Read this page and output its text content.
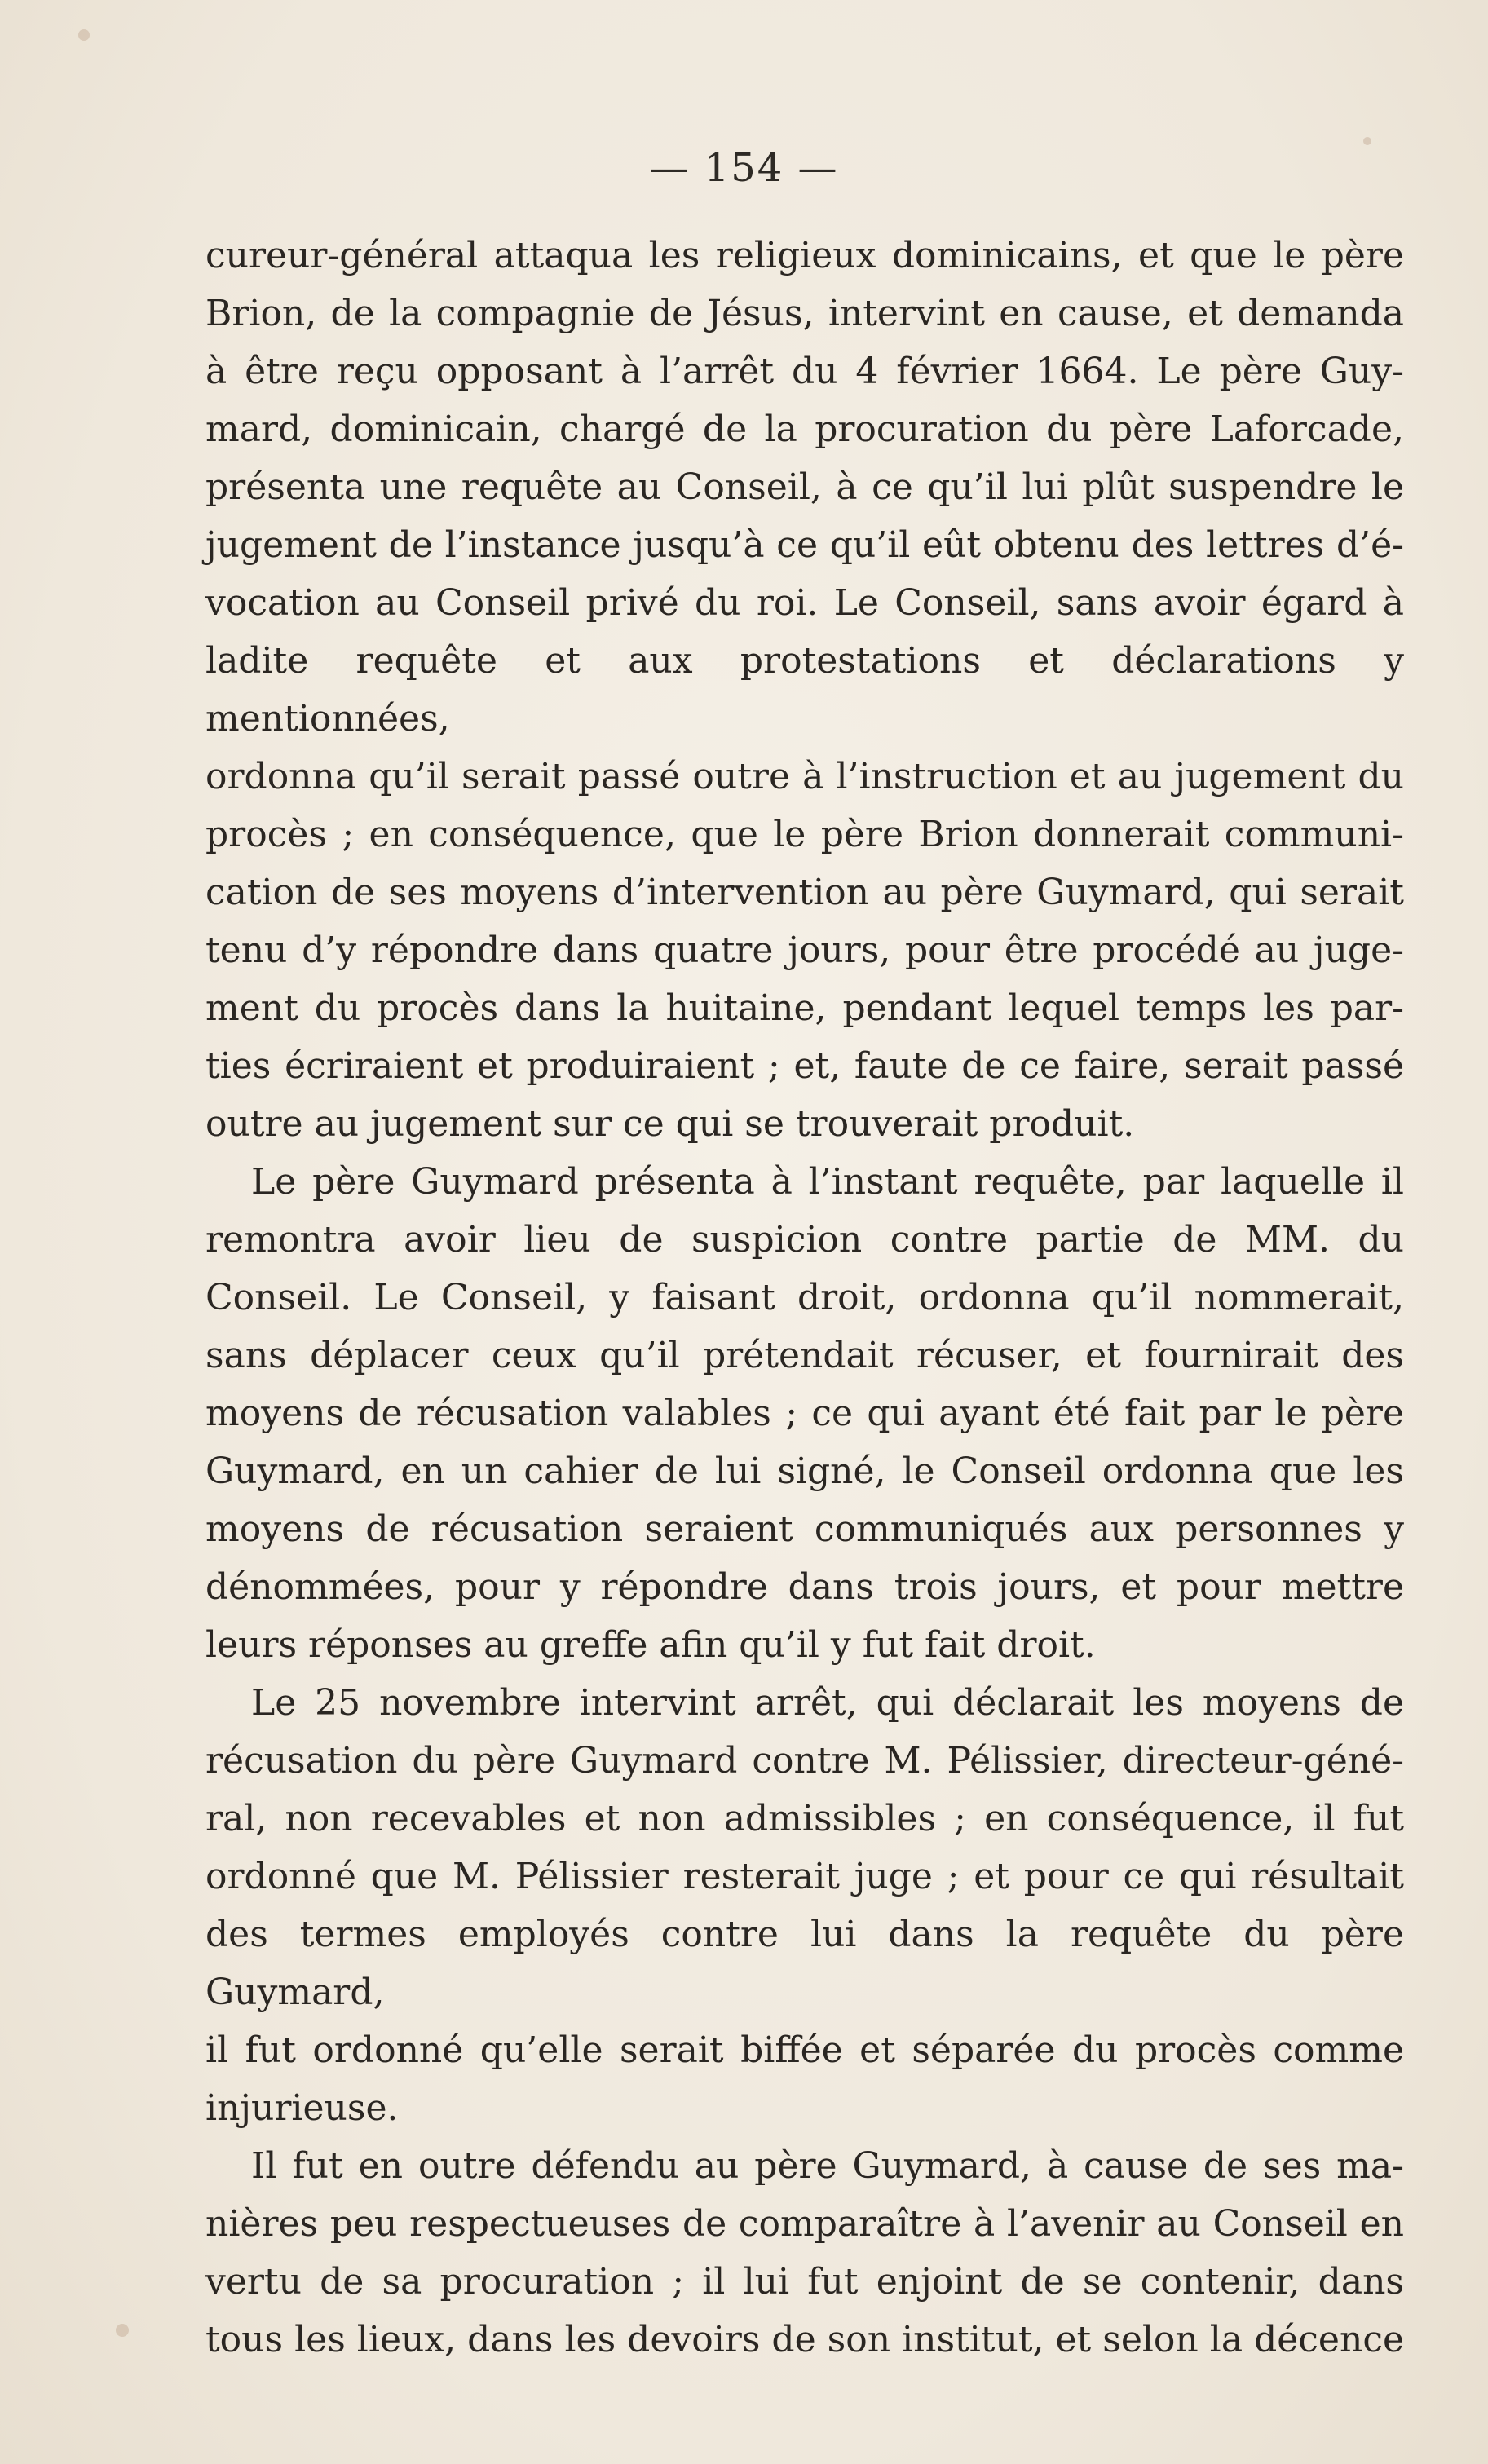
— 154 —

cureur-général attaqua les religieux dominicains, et que le père

Brion, de la compagnie de Jésus, intervint en cause, et demanda

à être reçu opposant à l’arrêt du 4 février 1664. Le père Guy-

mard, dominicain, chargé de la procuration du père Laforcade,

présenta une requête au Conseil, à ce qu’il lui plût suspendre le

jugement de l’instance jusqu’à ce qu’il eût obtenu des lettres d’é-

vocation au Conseil privé du roi. Le Conseil, sans avoir égard à

ladite requête et aux protestations et déclarations y mentionnées,

ordonna qu’il serait passé outre à l’instruction et au jugement du

procès ; en conséquence, que le père Brion donnerait communi-

cation de ses moyens d’intervention au père Guymard, qui serait

tenu d’y répondre dans quatre jours, pour être procédé au juge-

ment du procès dans la huitaine, pendant lequel temps les par-

ties écriraient et produiraient ; et, faute de ce faire, serait passé

outre au jugement sur ce qui se trouverait produit.

Le père Guymard présenta à l’instant requête, par laquelle il

remontra avoir lieu de suspicion contre partie de MM. du

Conseil. Le Conseil, y faisant droit, ordonna qu’il nommerait,

sans déplacer ceux qu’il prétendait récuser, et fournirait des

moyens de récusation valables ; ce qui ayant été fait par le père

Guymard, en un cahier de lui signé, le Conseil ordonna que les

moyens de récusation seraient communiqués aux personnes y

dénommées, pour y répondre dans trois jours, et pour mettre

leurs réponses au greffe afin qu’il y fut fait droit.

Le 25 novembre intervint arrêt, qui déclarait les moyens de

récusation du père Guymard contre M. Pélissier, directeur-géné-

ral, non recevables et non admissibles ; en conséquence, il fut

ordonné que M. Pélissier resterait juge ; et pour ce qui résultait

des termes employés contre lui dans la requête du père Guymard,

il fut ordonné qu’elle serait biffée et séparée du procès comme

injurieuse.

Il fut en outre défendu au père Guymard, à cause de ses ma-

nières peu respectueuses de comparaître à l’avenir au Conseil en

vertu de sa procuration ; il lui fut enjoint de se contenir, dans

tous les lieux, dans les devoirs de son institut, et selon la décence
